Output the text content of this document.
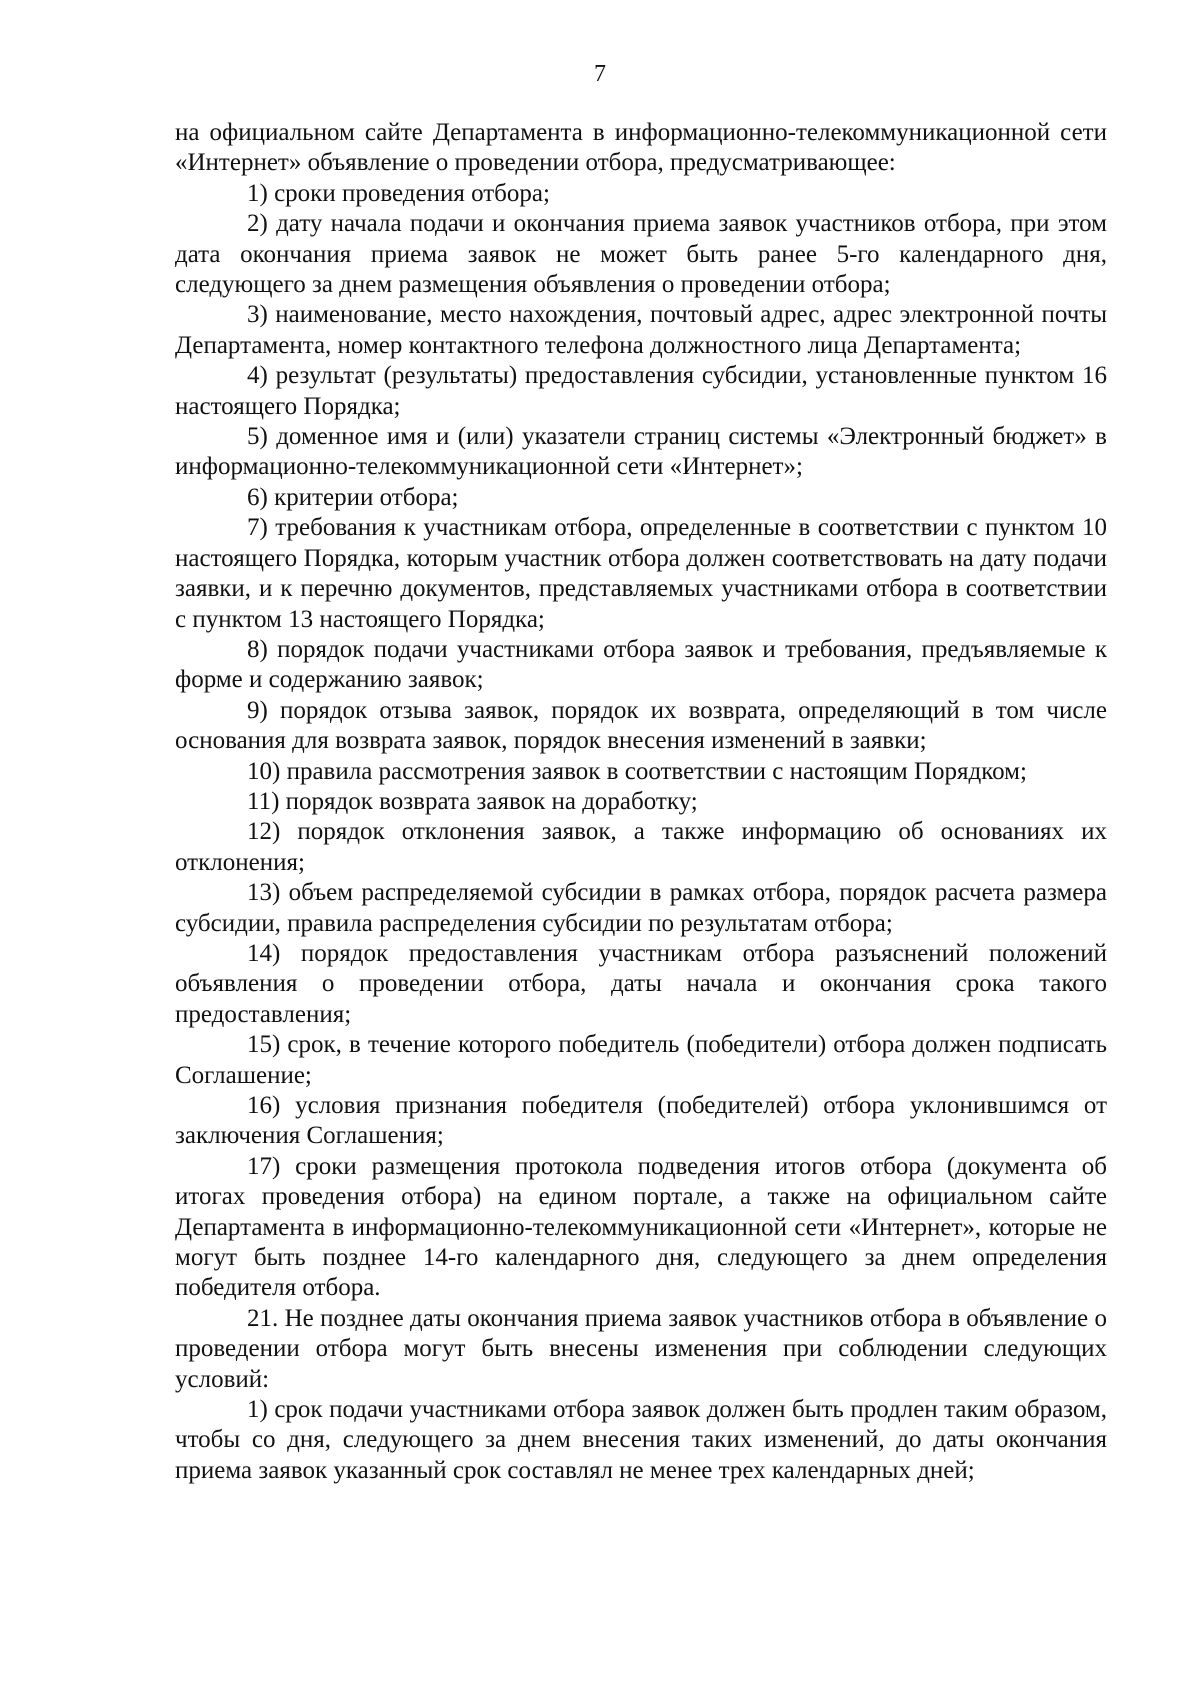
7

на официальном сайте Департамента в информационно-телекоммуникационной сети «Интернет» объявление о проведении отбора, предусматривающее:

1) сроки проведения отбора;

2) дату начала подачи и окончания приема заявок участников отбора, при этом дата окончания приема заявок не может быть ранее 5-го календарного дня, следующего за днем размещения объявления о проведении отбора;

3) наименование, место нахождения, почтовый адрес, адрес электронной почты Департамента, номер контактного телефона должностного лица Департамента;

4) результат (результаты) предоставления субсидии, установленные пунктом 16 настоящего Порядка;

5) доменное имя и (или) указатели страниц системы «Электронный бюджет» в информационно-телекоммуникационной сети «Интернет»;

6) критерии отбора;

7) требования к участникам отбора, определенные в соответствии с пунктом 10 настоящего Порядка, которым участник отбора должен соответствовать на дату подачи заявки, и к перечню документов, представляемых участниками отбора в соответствии с пунктом 13 настоящего Порядка;

8) порядок подачи участниками отбора заявок и требования, предъявляемые к форме и содержанию заявок;

9) порядок отзыва заявок, порядок их возврата, определяющий в том числе основания для возврата заявок, порядок внесения изменений в заявки;

10) правила рассмотрения заявок в соответствии с настоящим Порядком;

11) порядок возврата заявок на доработку;

12) порядок отклонения заявок, а также информацию об основаниях их отклонения;

13) объем распределяемой субсидии в рамках отбора, порядок расчета размера субсидии, правила распределения субсидии по результатам отбора;

14) порядок предоставления участникам отбора разъяснений положений объявления о проведении отбора, даты начала и окончания срока такого предоставления;

15) срок, в течение которого победитель (победители) отбора должен подписать Соглашение;

16) условия признания победителя (победителей) отбора уклонившимся от заключения Соглашения;

17) сроки размещения протокола подведения итогов отбора (документа об итогах проведения отбора) на едином портале, а также на официальном сайте Департамента в информационно-телекоммуникационной сети «Интернет», которые не могут быть позднее 14-го календарного дня, следующего за днем определения победителя отбора.

21. Не позднее даты окончания приема заявок участников отбора в объявление о проведении отбора могут быть внесены изменения при соблюдении следующих условий:

1) срок подачи участниками отбора заявок должен быть продлен таким образом, чтобы со дня, следующего за днем внесения таких изменений, до даты окончания приема заявок указанный срок составлял не менее трех календарных дней;
